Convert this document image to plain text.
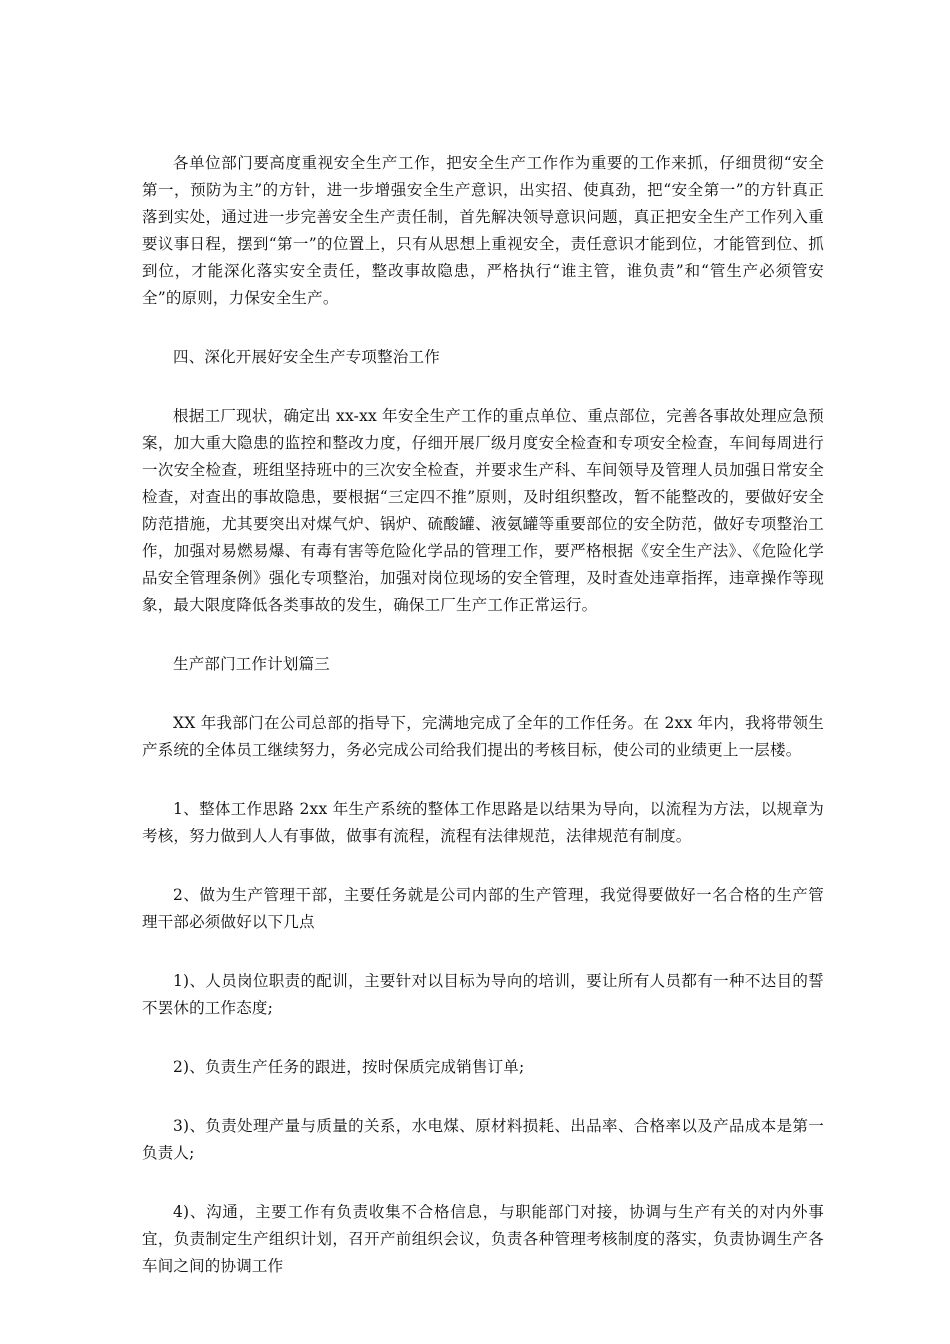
各单位部门要高度重视安全生产工作，把安全生产工作作为重要的工作来抓，仔细贯彻“安全第一，预防为主”的方针，进一步增强安全生产意识，出实招、使真劲，把“安全第一”的方针真正落到实处，通过进一步完善安全生产责任制，首先解决领导意识问题，真正把安全生产工作列入重要议事日程，摆到“第一”的位置上，只有从思想上重视安全，责任意识才能到位，才能管到位、抓到位，才能深化落实安全责任，整改事故隐患，严格执行“谁主管，谁负责”和“管生产必须管安全”的原则，力保安全生产。

四、深化开展好安全生产专项整治工作

根据工厂现状，确定出 xx-xx 年安全生产工作的重点单位、重点部位，完善各事故处理应急预案，加大重大隐患的监控和整改力度，仔细开展厂级月度安全检查和专项安全检查，车间每周进行一次安全检查，班组坚持班中的三次安全检查，并要求生产科、车间领导及管理人员加强日常安全检查，对查出的事故隐患，要根据“三定四不推”原则，及时组织整改，暂不能整改的，要做好安全防范措施，尤其要突出对煤气炉、锅炉、硫酸罐、液氨罐等重要部位的安全防范，做好专项整治工作，加强对易燃易爆、有毒有害等危险化学品的管理工作，要严格根据《安全生产法》、《危险化学品安全管理条例》强化专项整治，加强对岗位现场的安全管理，及时查处违章指挥，违章操作等现象，最大限度降低各类事故的发生，确保工厂生产工作正常运行。

生产部门工作计划篇三

XX 年我部门在公司总部的指导下，完满地完成了全年的工作任务。在 2xx 年内，我将带领生产系统的全体员工继续努力，务必完成公司给我们提出的考核目标，使公司的业绩更上一层楼。

1、整体工作思路 2xx 年生产系统的整体工作思路是以结果为导向，以流程为方法，以规章为考核，努力做到人人有事做，做事有流程，流程有法律规范，法律规范有制度。

2、做为生产管理干部，主要任务就是公司内部的生产管理，我觉得要做好一名合格的生产管理干部必须做好以下几点

1)、人员岗位职责的配训，主要针对以目标为导向的培训，要让所有人员都有一种不达目的誓不罢休的工作态度;

2)、负责生产任务的跟进，按时保质完成销售订单;

3)、负责处理产量与质量的关系，水电煤、原材料损耗、出品率、合格率以及产品成本是第一负责人;

4)、沟通，主要工作有负责收集不合格信息，与职能部门对接，协调与生产有关的对内外事宜，负责制定生产组织计划，召开产前组织会议，负责各种管理考核制度的落实，负责协调生产各车间之间的协调工作
